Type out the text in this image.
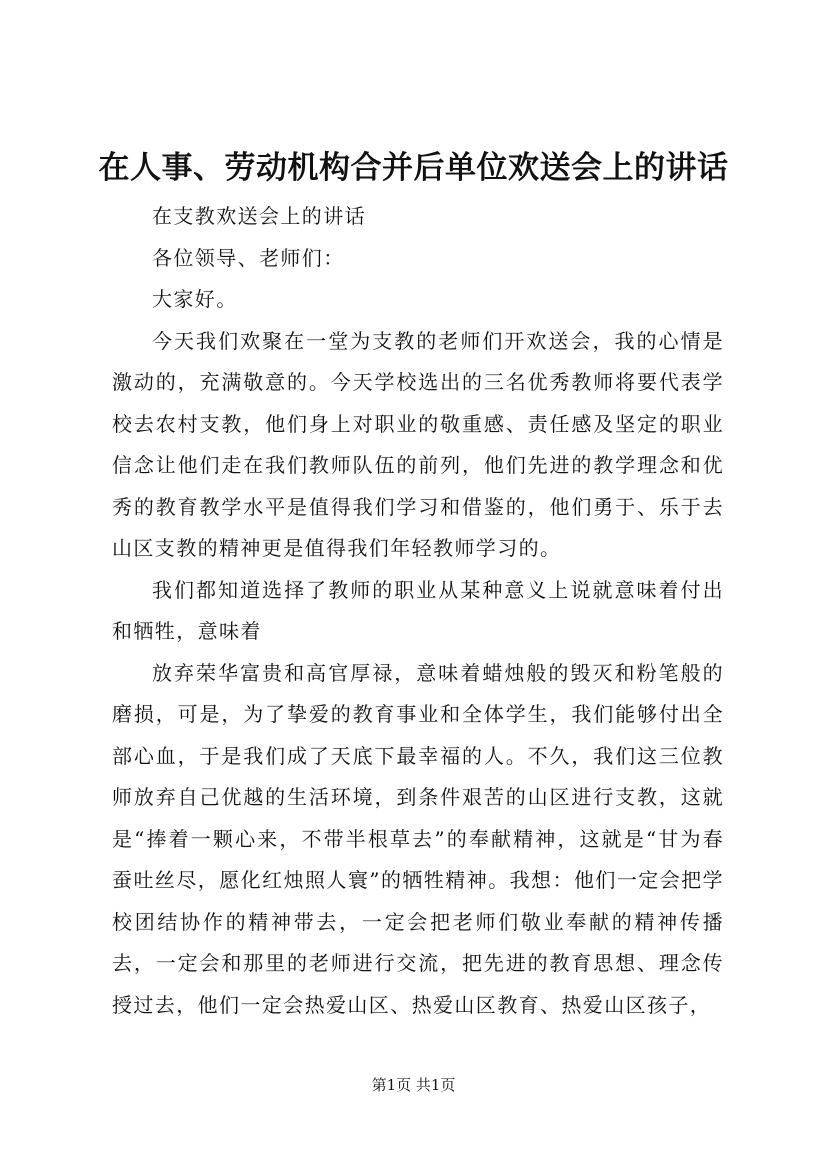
在人事、劳动机构合并后单位欢送会上的讲话

在支教欢送会上的讲话

各位领导、老师们：

大家好。

今天我们欢聚在一堂为支教的老师们开欢送会，我的心情是激动的，充满敬意的。今天学校选出的三名优秀教师将要代表学校去农村支教，他们身上对职业的敬重感、责任感及坚定的职业信念让他们走在我们教师队伍的前列，他们先进的教学理念和优秀的教育教学水平是值得我们学习和借鉴的，他们勇于、乐于去山区支教的精神更是值得我们年轻教师学习的。

我们都知道选择了教师的职业从某种意义上说就意味着付出和牺牲，意味着

放弃荣华富贵和高官厚禄，意味着蜡烛般的毁灭和粉笔般的磨损，可是，为了挚爱的教育事业和全体学生，我们能够付出全部心血，于是我们成了天底下最幸福的人。不久，我们这三位教师放弃自己优越的生活环境，到条件艰苦的山区进行支教，这就是“捧着一颗心来，不带半根草去”的奉献精神，这就是“甘为春蚕吐丝尽，愿化红烛照人寰”的牺牲精神。我想：他们一定会把学校团结协作的精神带去，一定会把老师们敬业奉献的精神传播去，一定会和那里的老师进行交流，把先进的教育思想、理念传授过去，他们一定会热爱山区、热爱山区教育、热爱山区孩子，

第1页 共1页
